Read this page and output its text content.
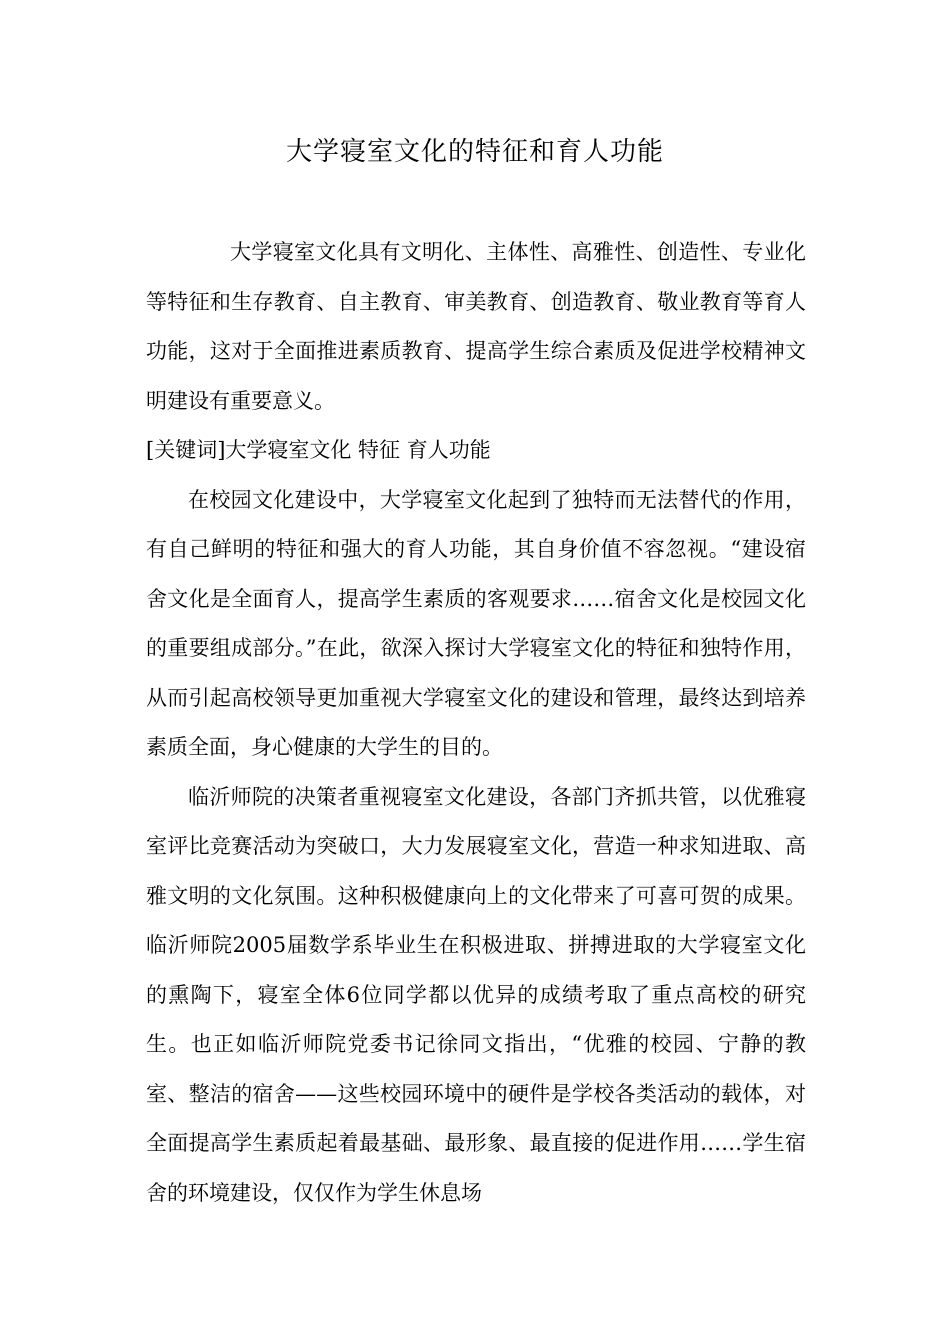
大学寝室文化的特征和育人功能

大学寝室文化具有文明化、主体性、高雅性、创造性、专业化等特征和生存教育、自主教育、审美教育、创造教育、敬业教育等育人功能，这对于全面推进素质教育、提高学生综合素质及促进学校精神文明建设有重要意义。

[关键词]大学寝室文化 特征 育人功能

在校园文化建设中，大学寝室文化起到了独特而无法替代的作用，有自己鲜明的特征和强大的育人功能，其自身价值不容忽视。“建设宿舍文化是全面育人，提高学生素质的客观要求……宿舍文化是校园文化的重要组成部分。”在此，欲深入探讨大学寝室文化的特征和独特作用，从而引起高校领导更加重视大学寝室文化的建设和管理，最终达到培养素质全面，身心健康的大学生的目的。

临沂师院的决策者重视寝室文化建设，各部门齐抓共管，以优雅寝室评比竞赛活动为突破口，大力发展寝室文化，营造一种求知进取、高雅文明的文化氛围。这种积极健康向上的文化带来了可喜可贺的成果。临沂师院2005届数学系毕业生在积极进取、拼搏进取的大学寝室文化的熏陶下，寝室全体6位同学都以优异的成绩考取了重点高校的研究生。也正如临沂师院党委书记徐同文指出，“优雅的校园、宁静的教室、整洁的宿舍——这些校园环境中的硬件是学校各类活动的载体，对全面提高学生素质起着最基础、最形象、最直接的促进作用……学生宿舍的环境建设，仅仅作为学生休息场
